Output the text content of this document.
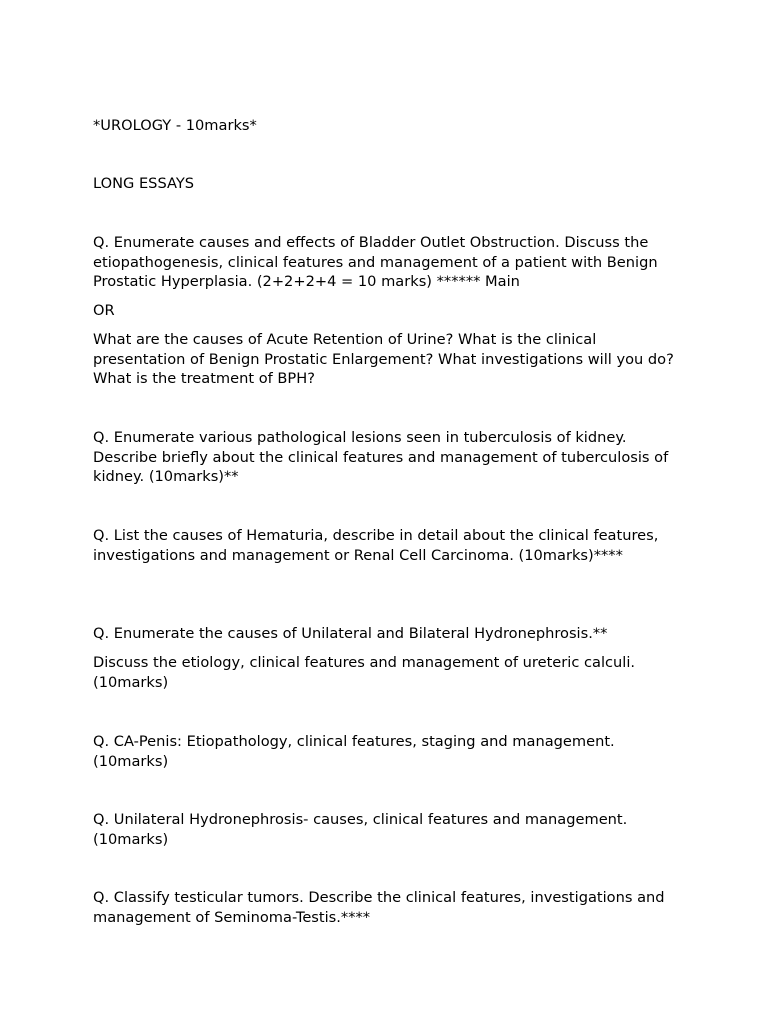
*UROLOGY - 10marks*

LONG ESSAYS

Q. Enumerate causes and effects of Bladder Outlet Obstruction. Discuss the etiopathogenesis, clinical features and management of a patient with Benign Prostatic Hyperplasia. (2+2+2+4 = 10 marks) ****** Main

OR

What are the causes of Acute Retention of Urine? What is the clinical presentation of Benign Prostatic Enlargement? What investigations will you do? What is the treatment of BPH?

Q. Enumerate various pathological lesions seen in tuberculosis of kidney. Describe briefly about the clinical features and management of tuberculosis of kidney. (10marks)**

Q. List the causes of Hematuria, describe in detail about the clinical features, investigations and management or Renal Cell Carcinoma. (10marks)****

Q. Enumerate the causes of Unilateral and Bilateral Hydronephrosis.**

Discuss the etiology, clinical features and management of ureteric calculi. (10marks)

Q. CA-Penis: Etiopathology, clinical features, staging and management. (10marks)

Q. Unilateral Hydronephrosis- causes, clinical features and management. (10marks)

Q. Classify testicular tumors. Describe the clinical features, investigations and management of Seminoma-Testis.****
